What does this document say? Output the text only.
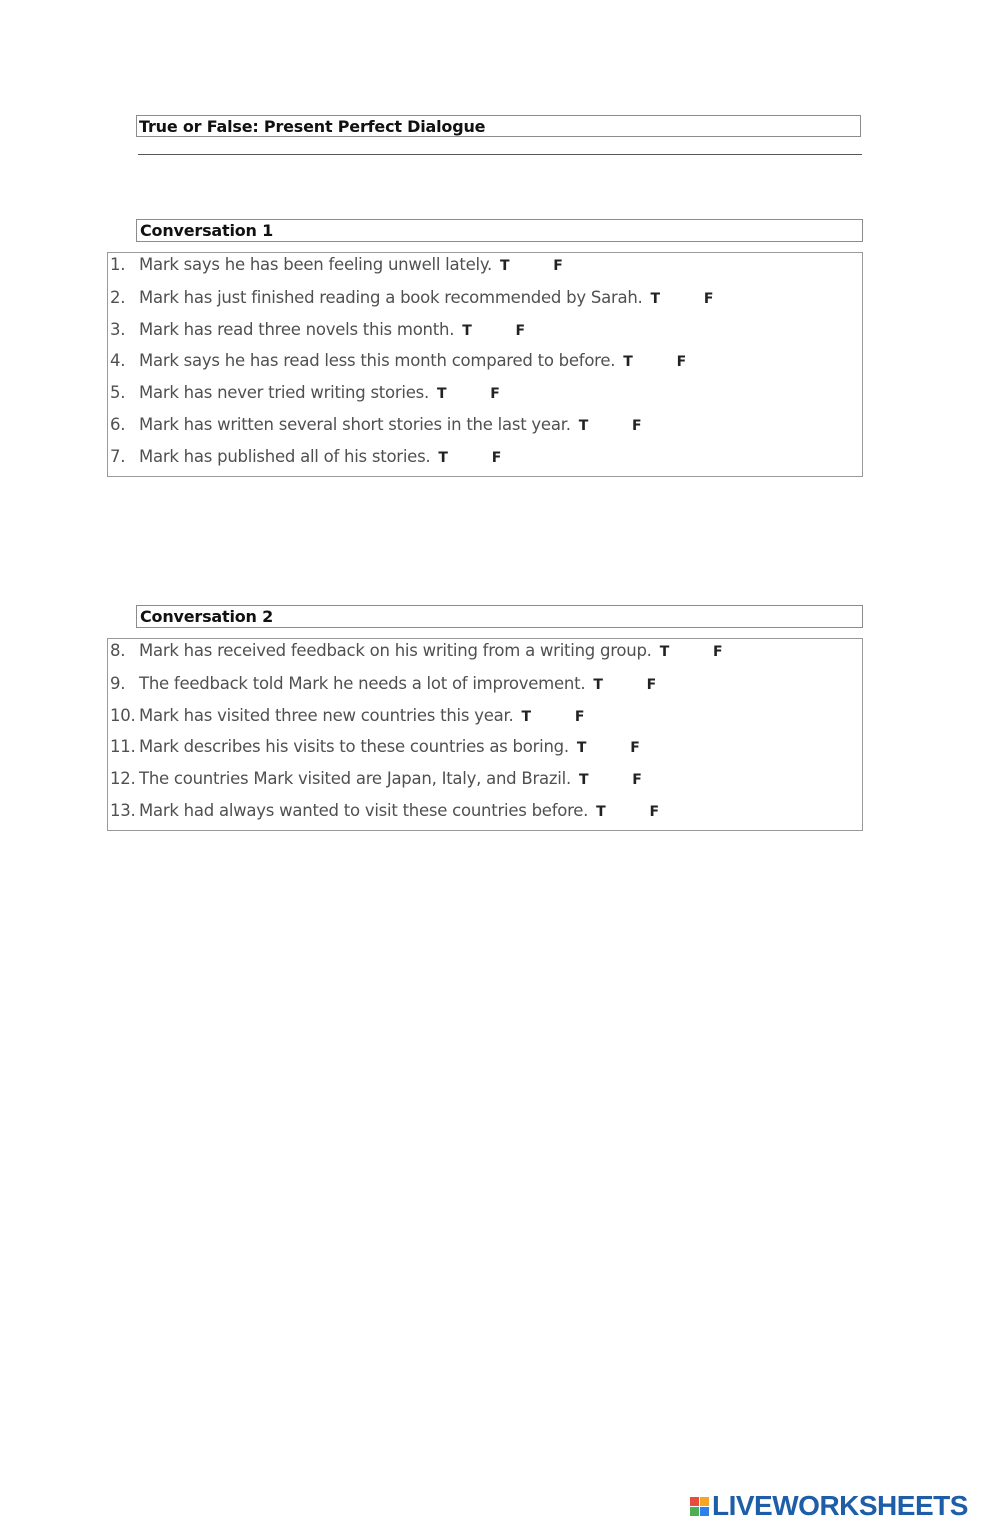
True or False: Present Perfect Dialogue
Conversation 1
1. Mark says he has been feeling unwell lately. T	F
2. Mark has just finished reading a book recommended by Sarah. T	F
3. Mark has read three novels this month. T	F
4. Mark says he has read less this month compared to before. T	F
5. Mark has never tried writing stories. T	F
6. Mark has written several short stories in the last year. T	F
7. Mark has published all of his stories. T	F
Conversation 2
8. Mark has received feedback on his writing from a writing group. T	F
9. The feedback told Mark he needs a lot of improvement. T	F
10. Mark has visited three new countries this year. T	F
11. Mark describes his visits to these countries as boring. T	F
12. The countries Mark visited are Japan, Italy, and Brazil. T	F
13. Mark had always wanted to visit these countries before. T	F
LIVEWORKSHEETS
